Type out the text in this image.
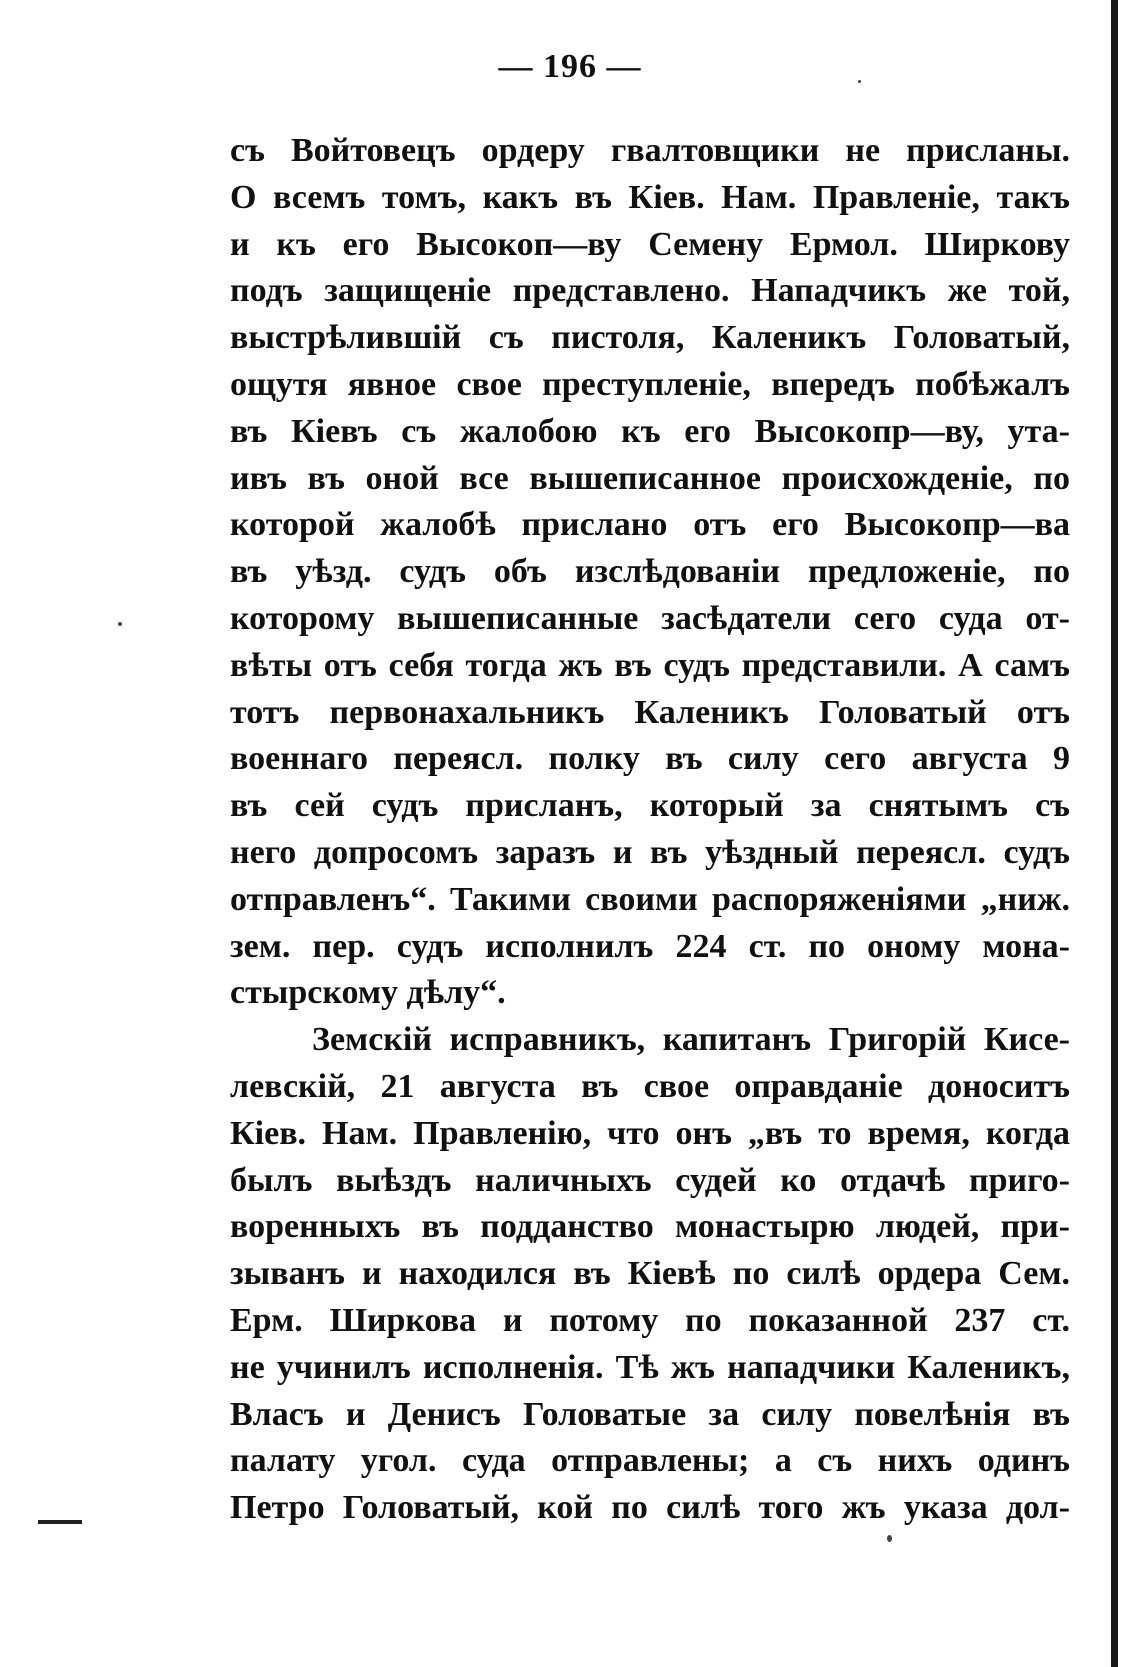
— 196 —
съ Войтовецъ ордеру гвалтовщики не присланы.
О всемъ томъ, какъ въ Кіев. Нам. Правленіе, такъ
и къ его Высокоп—ву Семену Ермол. Ширкову
подъ защищеніе представлено. Нападчикъ же той,
выстрѣлившій съ пистоля, Каленикъ Головатый,
ощутя явное свое преступленіе, впередъ побѣжалъ
въ Кіевъ съ жалобою къ его Высокопр—ву, ута-
ивъ въ оной все вышеписанное происхожденіе, по
которой жалобѣ прислано отъ его Высокопр—ва
въ уѣзд. судъ объ изслѣдованіи предложеніе, по
которому вышеписанные засѣдатели сего суда от-
вѣты отъ себя тогда жъ въ судъ представили. А самъ
тотъ первонахальникъ Каленикъ Головатый отъ
военнаго переясл. полку въ силу сего августа 9
въ сей судъ присланъ, который за снятымъ съ
него допросомъ заразъ и въ уѣздный переясл. судъ
отправленъ“. Такими своими распоряженіями „ниж.
зем. пер. судъ исполнилъ 224 ст. по оному мона-
стырскому дѣлу“.
Земскій исправникъ, капитанъ Григорій Кисе-
левскій, 21 августа въ свое оправданіе доноситъ
Кіев. Нам. Правленію, что онъ „въ то время, когда
былъ выѣздъ наличныхъ судей ко отдачѣ приго-
воренныхъ въ подданство монастырю людей, при-
зыванъ и находился въ Кіевѣ по силѣ ордера Сем.
Ерм. Ширкова и потому по показанной 237 ст.
не учинилъ исполненія. Тѣ жъ нападчики Каленикъ,
Власъ и Денисъ Головатые за силу повелѣнія въ
палату угол. суда отправлены; а съ нихъ одинъ
Петро Головатый, кой по силѣ того жъ указа дол-
